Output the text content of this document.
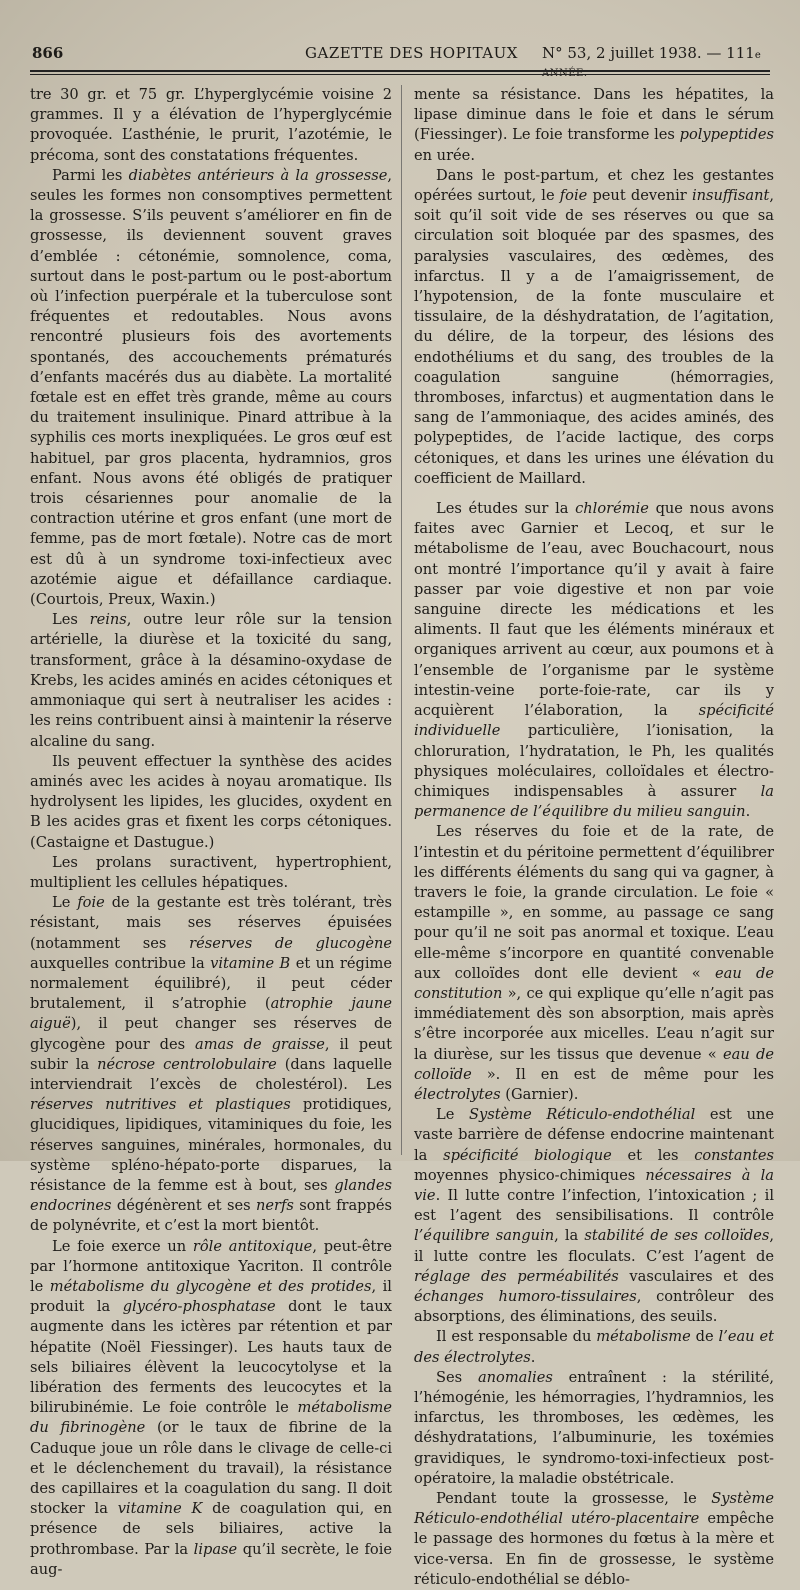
866	GAZETTE DES HOPITAUX N° 53, 2 juillet 1938. — 111e ANNÉE.

tre 30 gr. et 75 gr. L’hyperglycémie voisine 2 grammes. Il y a élévation de l’hyperglycémie provoquée. L’asthénie, le prurit, l’azotémie, le précoma, sont des constatations fréquentes.

Parmi les diabètes antérieurs à la grossesse, seules les formes non consomptives permettent la grossesse. S’ils peuvent s’améliorer en fin de grossesse, ils deviennent souvent graves d’emblée : cétonémie, somnolence, coma, surtout dans le post-partum ou le post-abortum où l’infection puerpérale et la tuberculose sont fréquentes et redoutables. Nous avons rencontré plusieurs fois des avortements spontanés, des accouchements prématurés d’enfants macérés dus au diabète. La mortalité fœtale est en effet très grande, même au cours du traitement insulinique. Pinard attribue à la syphilis ces morts inexpliquées. Le gros œuf est habituel, par gros placenta, hydramnios, gros enfant. Nous avons été obligés de pratiquer trois césariennes pour anomalie de la contraction utérine et gros enfant (une mort de femme, pas de mort fœtale). Notre cas de mort est dû à un syndrome toxi-infectieux avec azotémie aigue et défaillance cardiaque. (Courtois, Preux, Waxin.)

Les reins, outre leur rôle sur la tension artérielle, la diurèse et la toxicité du sang, transforment, grâce à la désamino-oxydase de Krebs, les acides aminés en acides cétoniques et ammoniaque qui sert à neutraliser les acides : les reins contribuent ainsi à maintenir la réserve alcaline du sang.

Ils peuvent effectuer la synthèse des acides aminés avec les acides à noyau aromatique. Ils hydrolysent les lipides, les glucides, oxydent en B les acides gras et fixent les corps cétoniques. (Castaigne et Dastugue.)

Les prolans suractivent, hypertrophient, multiplient les cellules hépatiques.

Le foie de la gestante est très tolérant, très résistant, mais ses réserves épuisées (notamment ses réserves de glucogène auxquelles contribue la vitamine B et un régime normalement équilibré), il peut céder brutalement, il s’atrophie (atrophie jaune aiguë), il peut changer ses réserves de glycogène pour des amas de graisse, il peut subir la nécrose centrolobulaire (dans laquelle interviendrait l’excès de cholestérol). Les réserves nutritives et plastiques protidiques, glucidiques, lipidiques, vitaminiques du foie, les réserves sanguines, minérales, hormonales, du système spléno-hépato-porte disparues, la résistance de la femme est à bout, ses glandes endocrines dégénèrent et ses nerfs sont frappés de polynévrite, et c’est la mort bientôt.

Le foie exerce un rôle antitoxique, peut-être par l’hormone antitoxique Yacriton. Il contrôle le métabolisme du glycogène et des protides, il produit la glycéro-phosphatase dont le taux augmente dans les ictères par rétention et par hépatite (Noël Fiessinger). Les hauts taux de sels biliaires élèvent la leucocytolyse et la libération des ferments des leucocytes et la bilirubinémie. Le foie contrôle le métabolisme du fibrinogène (or le taux de fibrine de la Caduque joue un rôle dans le clivage de celle-ci et le déclenchement du travail), la résistance des capillaires et la coagulation du sang. Il doit stocker la vitamine K de coagulation qui, en présence de sels biliaires, active la prothrombase. Par la lipase qu’il secrète, le foie aug-

mente sa résistance. Dans les hépatites, la lipase diminue dans le foie et dans le sérum (Fiessinger). Le foie transforme les polypeptides en urée.

Dans le post-partum, et chez les gestantes opérées surtout, le foie peut devenir insuffisant, soit qu’il soit vide de ses réserves ou que sa circulation soit bloquée par des spasmes, des paralysies vasculaires, des œdèmes, des infarctus. Il y a de l’amaigrissement, de l’hypotension, de la fonte musculaire et tissulaire, de la déshydratation, de l’agitation, du délire, de la torpeur, des lésions des endothéliums et du sang, des troubles de la coagulation sanguine (hémorragies, thromboses, infarctus) et augmentation dans le sang de l’ammoniaque, des acides aminés, des polypeptides, de l’acide lactique, des corps cétoniques, et dans les urines une élévation du coefficient de Maillard.

Les études sur la chlorémie que nous avons faites avec Garnier et Lecoq, et sur le métabolisme de l’eau, avec Bouchacourt, nous ont montré l’importance qu’il y avait à faire passer par voie digestive et non par voie sanguine directe les médications et les aliments. Il faut que les éléments minéraux et organiques arrivent au cœur, aux poumons et à l’ensemble de l’organisme par le système intestin-veine porte-foie-rate, car ils y acquièrent l’élaboration, la spécificité individuelle particulière, l’ionisation, la chloruration, l’hydratation, le Ph, les qualités physiques moléculaires, colloïdales et électro-chimiques indispensables à assurer la permanence de l’équilibre du milieu sanguin.

Les réserves du foie et de la rate, de l’intestin et du péritoine permettent d’équilibrer les différents éléments du sang qui va gagner, à travers le foie, la grande circulation. Le foie « estampille », en somme, au passage ce sang pour qu’il ne soit pas anormal et toxique. L’eau elle-même s’incorpore en quantité convenable aux colloïdes dont elle devient « eau de constitution », ce qui explique qu’elle n’agit pas immédiatement dès son absorption, mais après s’être incorporée aux micelles. L’eau n’agit sur la diurèse, sur les tissus que devenue « eau de colloïde ». Il en est de même pour les électrolytes (Garnier).

Le Système Réticulo-endothélial est une vaste barrière de défense endocrine maintenant la spécificité biologique et les constantes moyennes physico-chimiques nécessaires à la vie. Il lutte contre l’infection, l’intoxication ; il est l’agent des sensibilisations. Il contrôle l’équilibre sanguin, la stabilité de ses colloïdes, il lutte contre les floculats. C’est l’agent de réglage des perméabilités vasculaires et des échanges humoro-tissulaires, contrôleur des absorptions, des éliminations, des seuils.

Il est responsable du métabolisme de l’eau et des électrolytes.

Ses anomalies entraînent : la stérilité, l’hémogénie, les hémorragies, l’hydramnios, les infarctus, les thromboses, les œdèmes, les déshydratations, l’albuminurie, les toxémies gravidiques, le syndromo-toxi-infectieux post-opératoire, la maladie obstétricale.

Pendant toute la grossesse, le Système Réticulo-endothélial utéro-placentaire empêche le passage des hormones du fœtus à la mère et vice-versa. En fin de grossesse, le système réticulo-endothélial se déblo-
